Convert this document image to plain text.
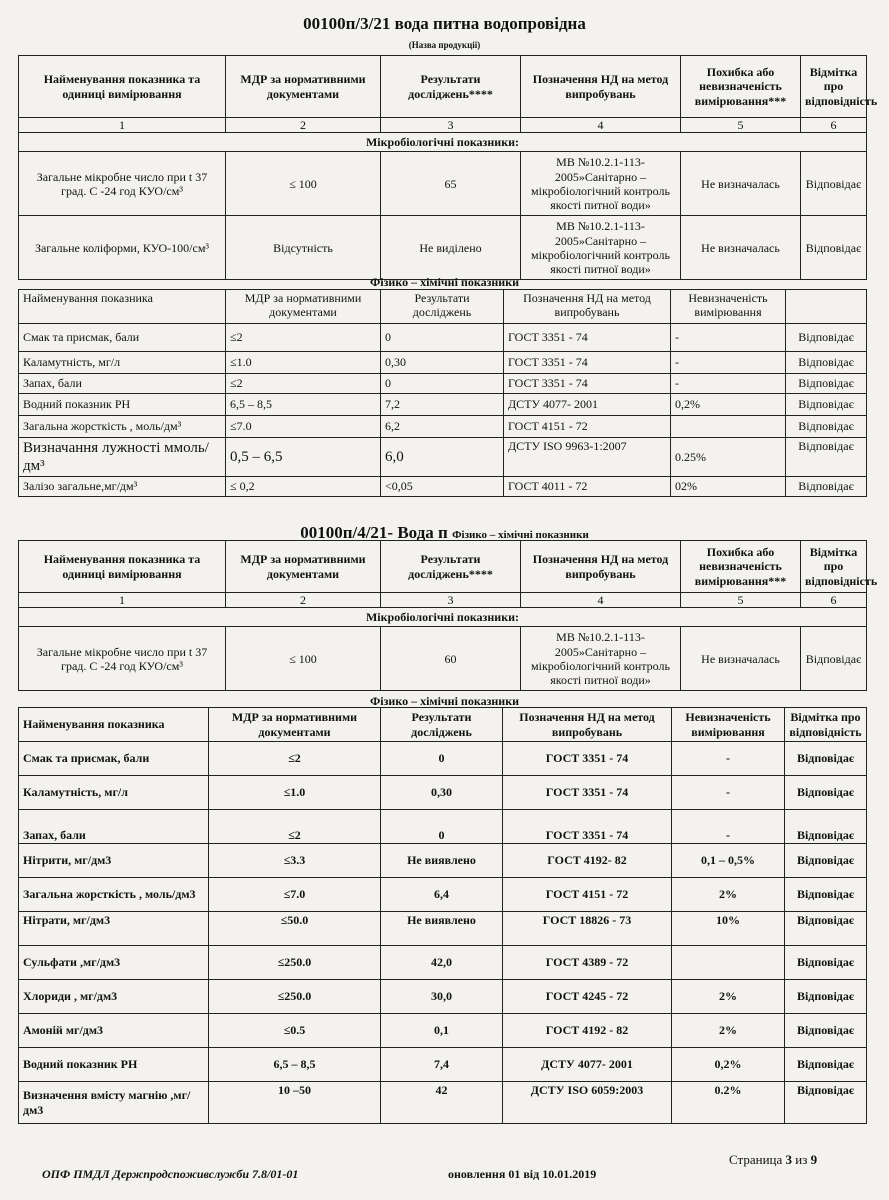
00100п/3/21 вода питна водопровідна
(Назва продукції)
Найменування показника та одиниці вимірювання	МДР за нормативними документами	Результати досліджень****	Позначення НД на метод випробувань	Похибка або невизначеність вимірювання***	Відмітка про відповідність
1	2	3	4	5	6
Мікробіологічні показники:					
Загальне мікробне число при t 37 град. С -24 год КУО/см³	≤ 100	65	МВ №10.2.1-113-2005»Санітарно – мікробіологічний контроль якості питної води»	Не визначалась	Відповідає
Загальне коліформи, КУО-100/см³	Відсутність	Не виділено	МВ №10.2.1-113-2005»Санітарно – мікробіологічний контроль якості питної води»	Не визначалась	Відповідає
Фізико – хімічні показники
Найменування показника	МДР за нормативними документами	Результати досліджень	Позначення НД на метод випробувань	Невизначеність вимірювання	
Смак та присмак, бали	≤2	0	ГОСТ 3351 - 74	-	Відповідає
Каламутність, мг/л	≤1.0	0,30	ГОСТ 3351 - 74	-	Відповідає
Запах, бали	≤2	0	ГОСТ 3351 - 74	-	Відповідає
Водний показник РН	6,5 – 8,5	7,2	ДСТУ 4077- 2001	0,2%	Відповідає
Загальна жорсткість , моль/дм³	≤7.0	6,2	ГОСТ 4151 - 72		Відповідає
Визначання лужності ммоль/дм³	0,5 – 6,5	6,0	ДСТУ ISO 9963-1:2007	0.25%	Відповідає
Залізо загальне,мг/дм³	≤ 0,2	<0,05	ГОСТ 4011 - 72	02%	Відповідає
00100п/4/21- Вода п Фізико – хімічні показники
Найменування показника та одиниці вимірювання	МДР за нормативними документами	Результати досліджень****	Позначення НД на метод випробувань	Похибка або невизначеність вимірювання***	Відмітка про відповідність
1	2	3	4	5	6
Мікробіологічні показники:					
Загальне мікробне число при t 37 град. С -24 год КУО/см³	≤ 100	60	МВ №10.2.1-113-2005»Санітарно – мікробіологічний контроль якості питної води»	Не визначалась	Відповідає
Фізико – хімічні показники
Найменування показника	МДР за нормативними документами	Результати досліджень	Позначення НД на метод випробувань	Невизначеність вимірювання	Відмітка про відповідність
Смак та присмак, бали	≤2	0	ГОСТ 3351 - 74	-	Відповідає
Каламутність, мг/л	≤1.0	0,30	ГОСТ 3351 - 74	-	Відповідає
Запах, бали	≤2	0	ГОСТ 3351 - 74	-	Відповідає
Нітрити, мг/дм3	≤3.3	Не виявлено	ГОСТ 4192- 82	0,1 – 0,5%	Відповідає
Загальна жорсткість , моль/дм3	≤7.0	6,4	ГОСТ 4151 - 72	2%	Відповідає
Нітрати, мг/дм3	≤50.0	Не виявлено	ГОСТ 18826 - 73	10%	Відповідає
Сульфати ,мг/дм3	≤250.0	42,0	ГОСТ 4389 - 72		Відповідає
Хлориди , мг/дм3	≤250.0	30,0	ГОСТ 4245 - 72	2%	Відповідає
Амоній мг/дм3	≤0.5	0,1	ГОСТ 4192 - 82	2%	Відповідає
Водний показник РН	6,5 – 8,5	7,4	ДСТУ 4077- 2001	0,2%	Відповідає
Визначення вмісту магнію ,мг/дм3	10 –50	42	ДСТУ ISO 6059:2003	0.2%	Відповідає
Страница 3 из 9
ОПФ ПМДЛ Держпродспоживслужби 7.8/01-01	оновлення 01 від 10.01.2019
